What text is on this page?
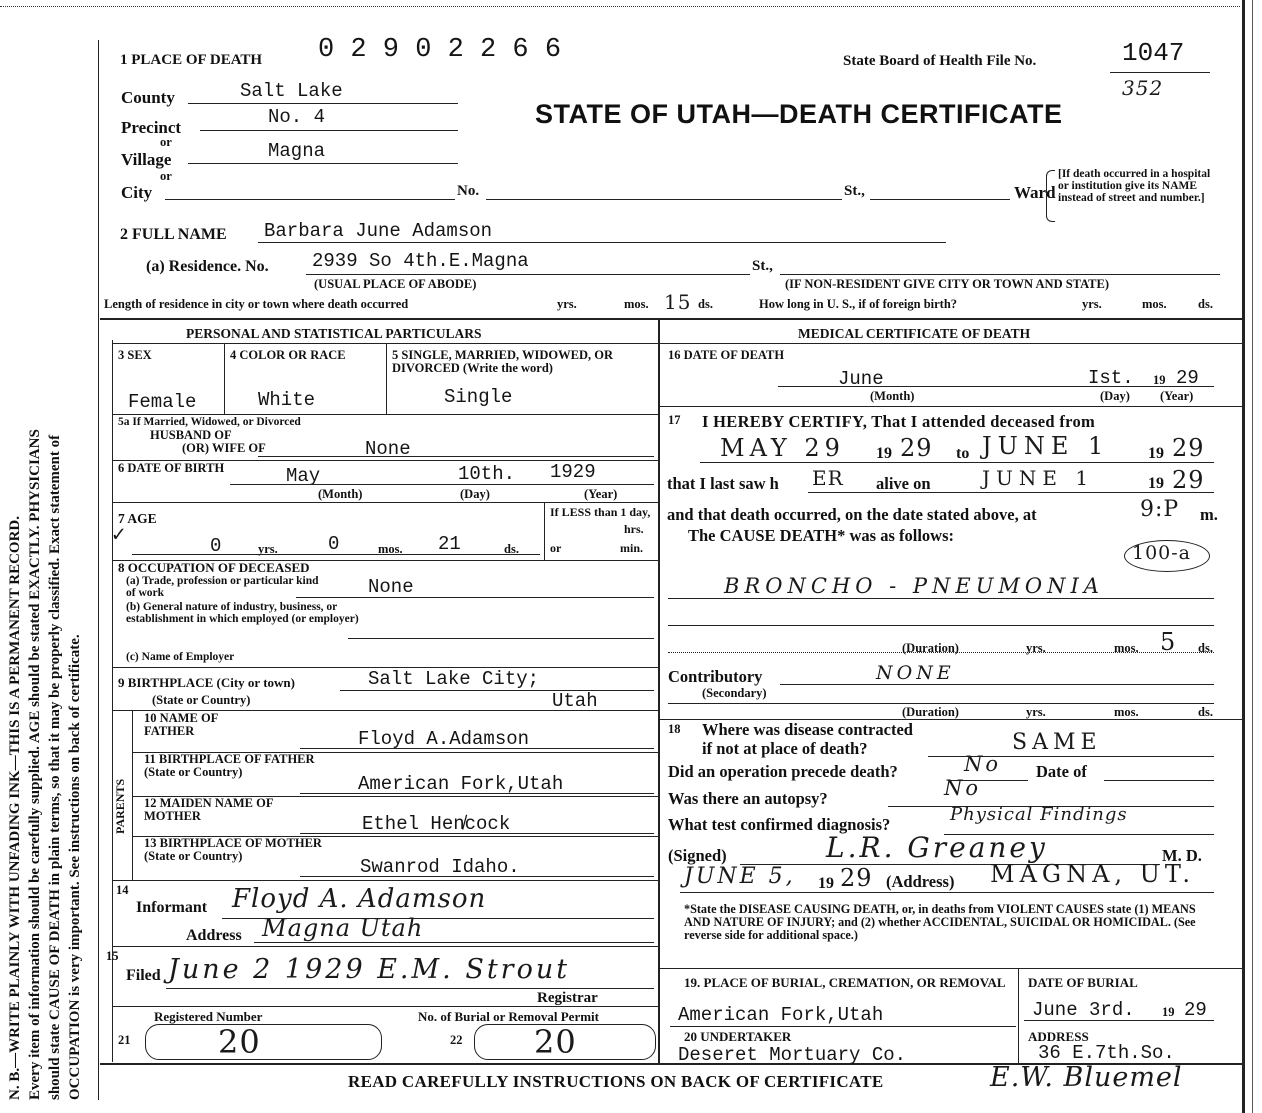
N. B.—WRITE PLAINLY WITH UNFADING INK—THIS IS A PERMANENT RECORD. Every item of information should be carefully supplied. AGE should be stated EXACTLY. PHYSICIANS should state CAUSE OF DEATH in plain terms, so that it may be properly classified. Exact statement of OCCUPATION is very important. See instructions on back of certificate.
0 2 9 0 2 2 6 6	State Board of Health File No.	1047
352
STATE OF UTAH—DEATH CERTIFICATE
1 PLACE OF DEATH
County	Salt Lake
Precinct	No. 4
or
Village	Magna
or
City	No.	St.,	Ward
[If death occurred in a hospital or institution give its NAME instead of street and number.]
2 FULL NAME Barbara June Adamson
(a) Residence. No. 2939 So 4th.E.Magna	St.,
(USUAL PLACE OF ABODE)	(IF NON-RESIDENT GIVE CITY OR TOWN AND STATE)
Length of residence in city or town where death occurred	yrs.	mos. 15 ds.	How long in U. S., if of foreign birth?	yrs.	mos.	ds.
PERSONAL AND STATISTICAL PARTICULARS
3 SEX
Female
4 COLOR OR RACE
White
5 SINGLE, MARRIED, WIDOWED, OR DIVORCED (Write the word)
Single
5a If Married, Widowed, or Divorced
HUSBAND OF
(OR) WIFE OF	None
6 DATE OF BIRTH	May	10th. 1929
(Month)	(Day)	(Year)
7 AGE
✓	0	yrs.	0	mos. 21	ds.
If LESS than 1 day,
hrs.
or	min.
8 OCCUPATION OF DECEASED
(a) Trade, profession or particular kind of work	None
(b) General nature of industry, business, or establishment in which employed (or employer)
(c) Name of Employer
9 BIRTHPLACE (City or town)	Salt Lake City;
(State or Country)	Utah
PARENTS
10 NAME OF FATHER	Floyd A.Adamson
11 BIRTHPLACE OF FATHER (State or Country)
American Fork,Utah
12 MAIDEN NAME OF MOTHER	Ethel Hen̸cock
13 BIRTHPLACE OF MOTHER (State or Country)	Swanrod Idaho.
14
Informant Floyd A. Adamson
Address Magna Utah
15
Filed June 2 1929 E.M. Strout
Registrar
Registered Number
21	20
No. of Burial or Removal Permit
22 20
MEDICAL CERTIFICATE OF DEATH
16 DATE OF DEATH
June	Ist. 19 29
(Month)	(Day) (Year)
17 I HEREBY CERTIFY, That I attended deceased from
MAY 29 19 29 to JUNE 1 19 29
that I last saw h ER alive on	JUNE 1	19 29
and that death occurred, on the date stated above, at	9:P m.
The CAUSE DEATH* was as follows:
100-a
BRONCHO - PNEUMONIA
(Duration)	yrs.	mos. 5 ds.
Contributory	NONE
(Secondary)
(Duration)	yrs.	mos.	ds.
18 Where was disease contracted
if not at place of death?	SAME
Did an operation precede death?	No Date of
Was there an autopsy?	No
What test confirmed diagnosis?	Physical Findings
(Signed)	L.R. Greaney	M. D.
JUNE 5, 19 29 (Address) MAGNA, UT.
*State the DISEASE CAUSING DEATH, or, in deaths from VIOLENT CAUSES state (1) MEANS AND NATURE OF INJURY; and (2) whether ACCIDENTAL, SUICIDAL OR HOMICIDAL. (See reverse side for additional space.)
19. PLACE OF BURIAL, CREMATION, OR REMOVAL
American Fork,Utah
DATE OF BURIAL
June 3rd. 19 29
20 UNDERTAKER
Deseret Mortuary Co.
ADDRESS
36 E.7th.So.
READ CAREFULLY INSTRUCTIONS ON BACK OF CERTIFICATE	E.W. Bluemel
